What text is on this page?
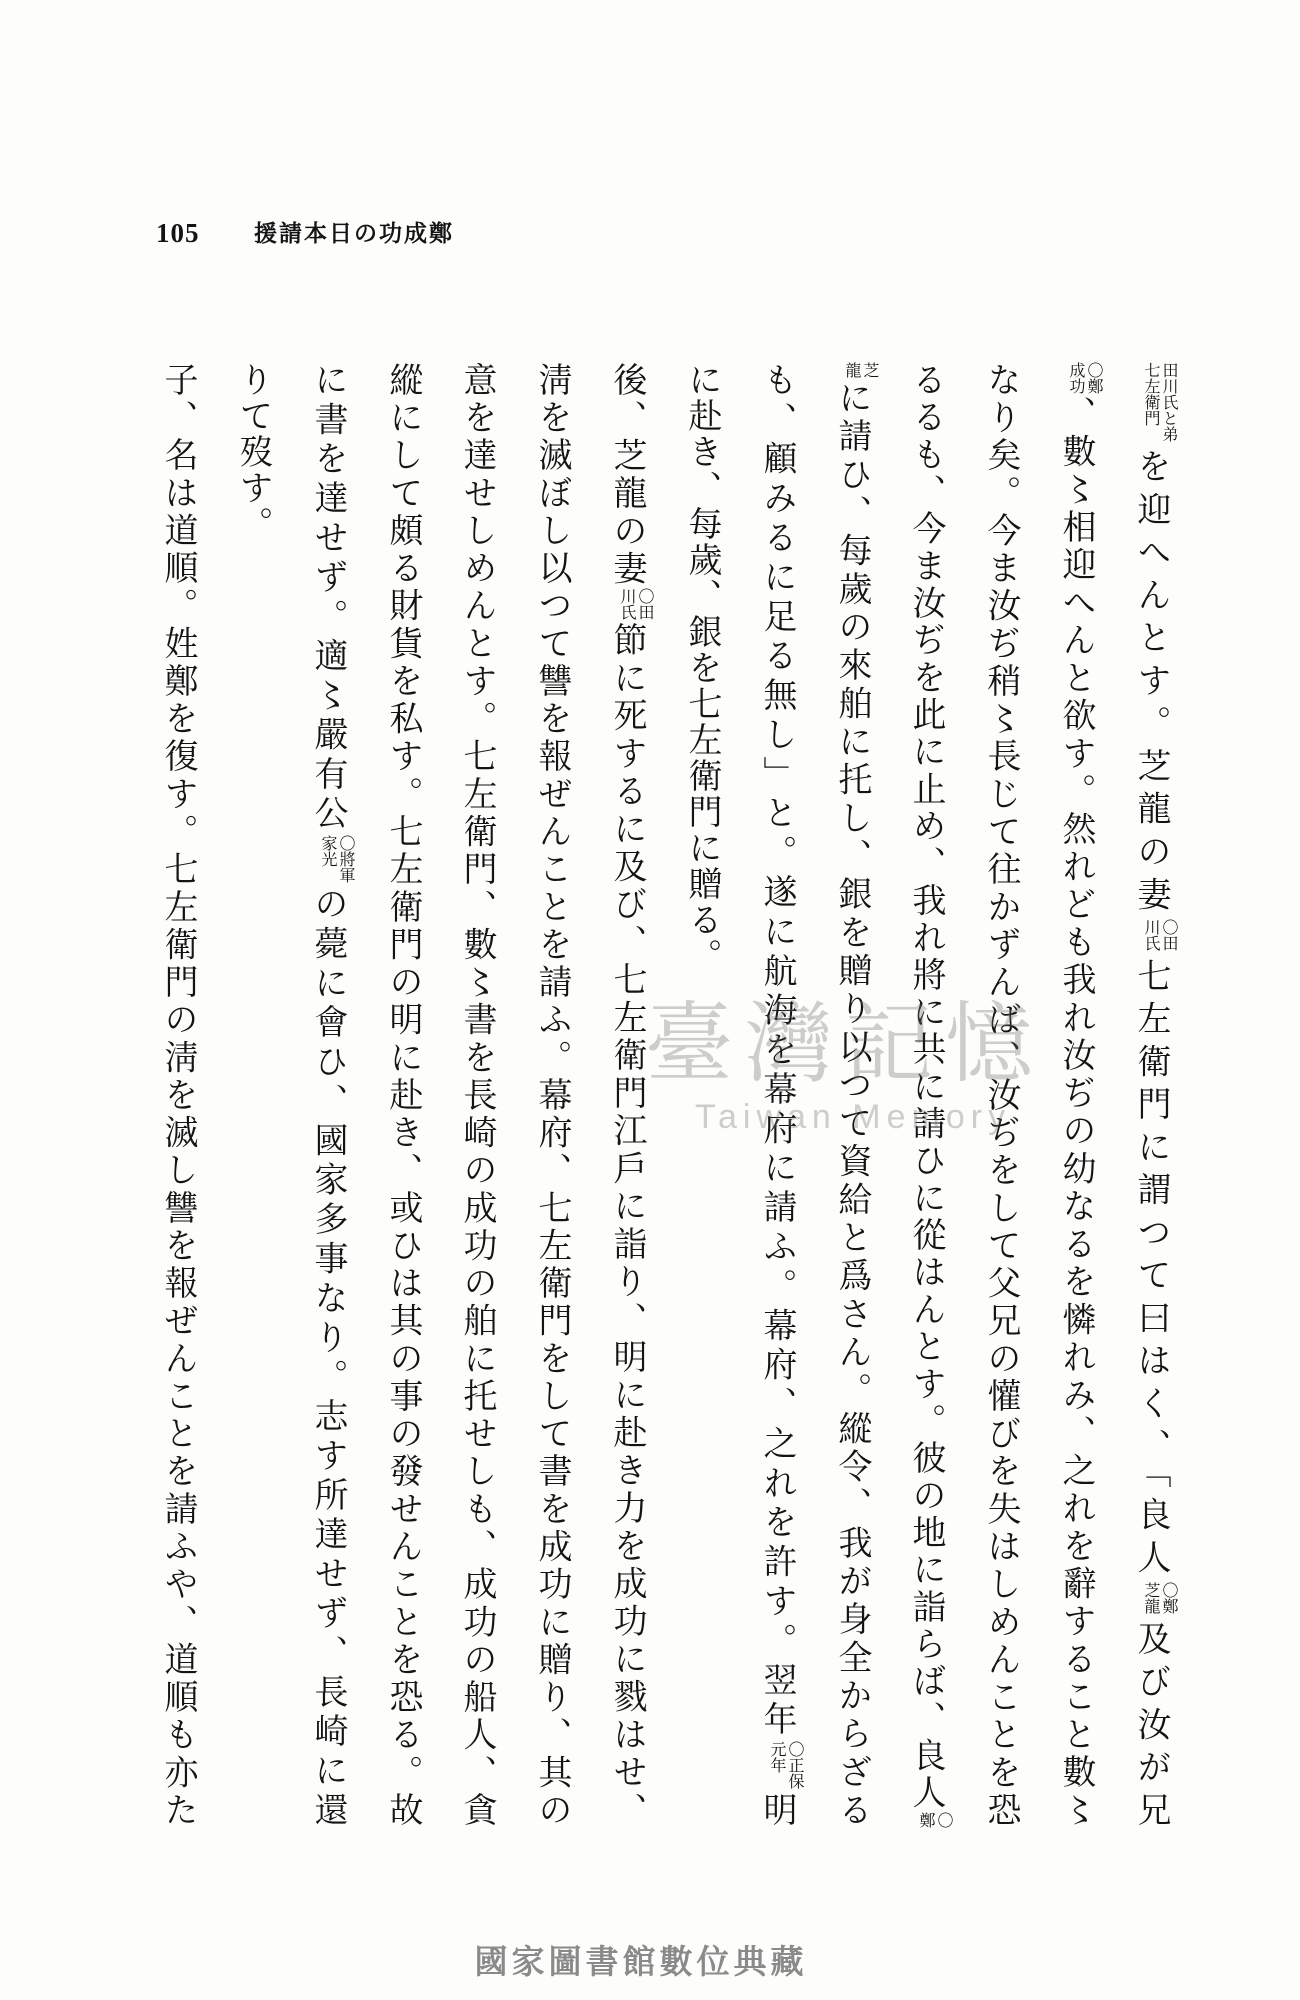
105 鄭成功の日本請援
田川氏と弟
七左衛門
を迎へんとす。芝龍の妻
〇田
川氏
七左衛門に謂つて曰はく、「良人
〇鄭
芝龍
及び汝が兄
〇鄭
成功
、數〻相迎へんと欲す。然れども我れ汝ぢの幼なるを憐れみ、之れを辭すること數〻
なり矣。今ま汝ぢ稍〻長じて往かずんば、汝ぢをして父兄の懽びを失はしめんことを恐
るるも、今ま汝ぢを此に止め、我れ將に共に請ひに從はんとす。彼の地に詣らば、良人
〇
鄭
芝
龍
に請ひ、每歲の來舶に托し、銀を贈り以つて資給と爲さん。縱令、我が身全からざる
も、顧みるに足る無し」と。遂に航海を幕府に請ふ。幕府、之れを許す。翌年
〇正保
元年
明
に赴き、每歲、銀を七左衛門に贈る。
後、芝龍の妻
〇田
川氏
節に死するに及び、七左衛門江戶に詣り、明に赴き力を成功に戮はせ、
淸を滅ぼし以つて讐を報ぜんことを請ふ。幕府、七左衛門をして書を成功に贈り、其の
意を達せしめんとす。七左衛門、數〻書を長崎の成功の舶に托せしも、成功の船人、貪
縱にして頗る財貨を私す。七左衛門の明に赴き、或ひは其の事の發せんことを恐る。故
に書を達せず。適〻嚴有公
〇將軍
家光
の薨に會ひ、國家多事なり。志す所達せず、長崎に還
りて歿す。
子、名は道順。姓鄭を復す。七左衛門の淸を滅し讐を報ぜんことを請ふや、道順も亦た	臺灣記憶
Taiwan Memory
國家圖書館數位典藏
